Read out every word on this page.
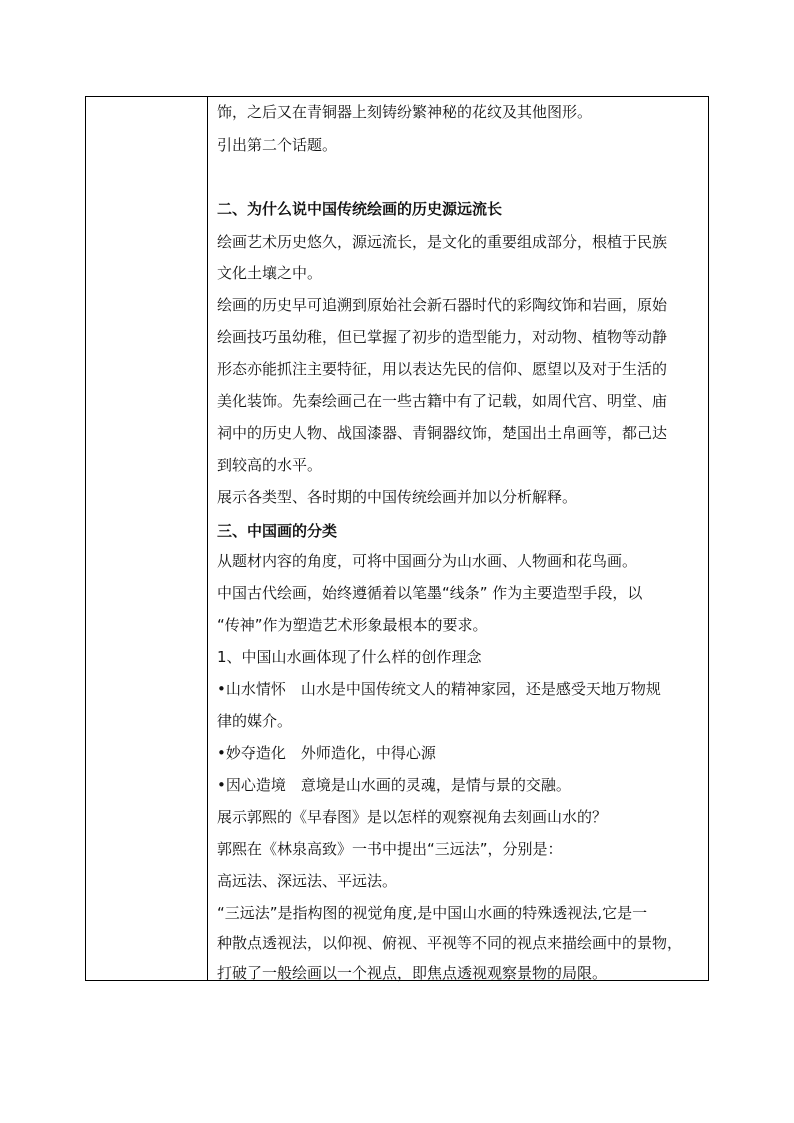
饰，之后又在青铜器上刻铸纷繁神秘的花纹及其他图形。
引出第二个话题。
二、为什么说中国传统绘画的历史源远流长
绘画艺术历史悠久，源远流长，是文化的重要组成部分，根植于民族
文化土壤之中。
绘画的历史早可追溯到原始社会新石器时代的彩陶纹饰和岩画，原始
绘画技巧虽幼稚，但已掌握了初步的造型能力，对动物、植物等动静
形态亦能抓注主要特征，用以表达先民的信仰、愿望以及对于生活的
美化装饰。先秦绘画己在一些古籍中有了记载，如周代宫、明堂、庙
祠中的历史人物、战国漆器、青铜器纹饰，楚国出土帛画等，都己达
到较高的水平。
展示各类型、各时期的中国传统绘画并加以分析解释。
三、中国画的分类
从题材内容的角度，可将中国画分为山水画、人物画和花鸟画。
中国古代绘画，始终遵循着以笔墨“线条” 作为主要造型手段，以
“传神”作为塑造艺术形象最根本的要求。
1、中国山水画体现了什么样的创作理念
•山水情怀　山水是中国传统文人的精神家园，还是感受天地万物规
律的媒介。
•妙夺造化　外师造化，中得心源
•因心造境　意境是山水画的灵魂，是情与景的交融。
展示郭熙的《早春图》是以怎样的观察视角去刻画山水的？
郭熙在《林泉高致》一书中提出“三远法”，分别是：
高远法、深远法、平远法。
“三远法”是指构图的视觉角度,是中国山水画的特殊透视法,它是一
种散点透视法，以仰视、俯视、平视等不同的视点来描绘画中的景物，
打破了一般绘画以一个视点，即焦点透视观察景物的局限。
